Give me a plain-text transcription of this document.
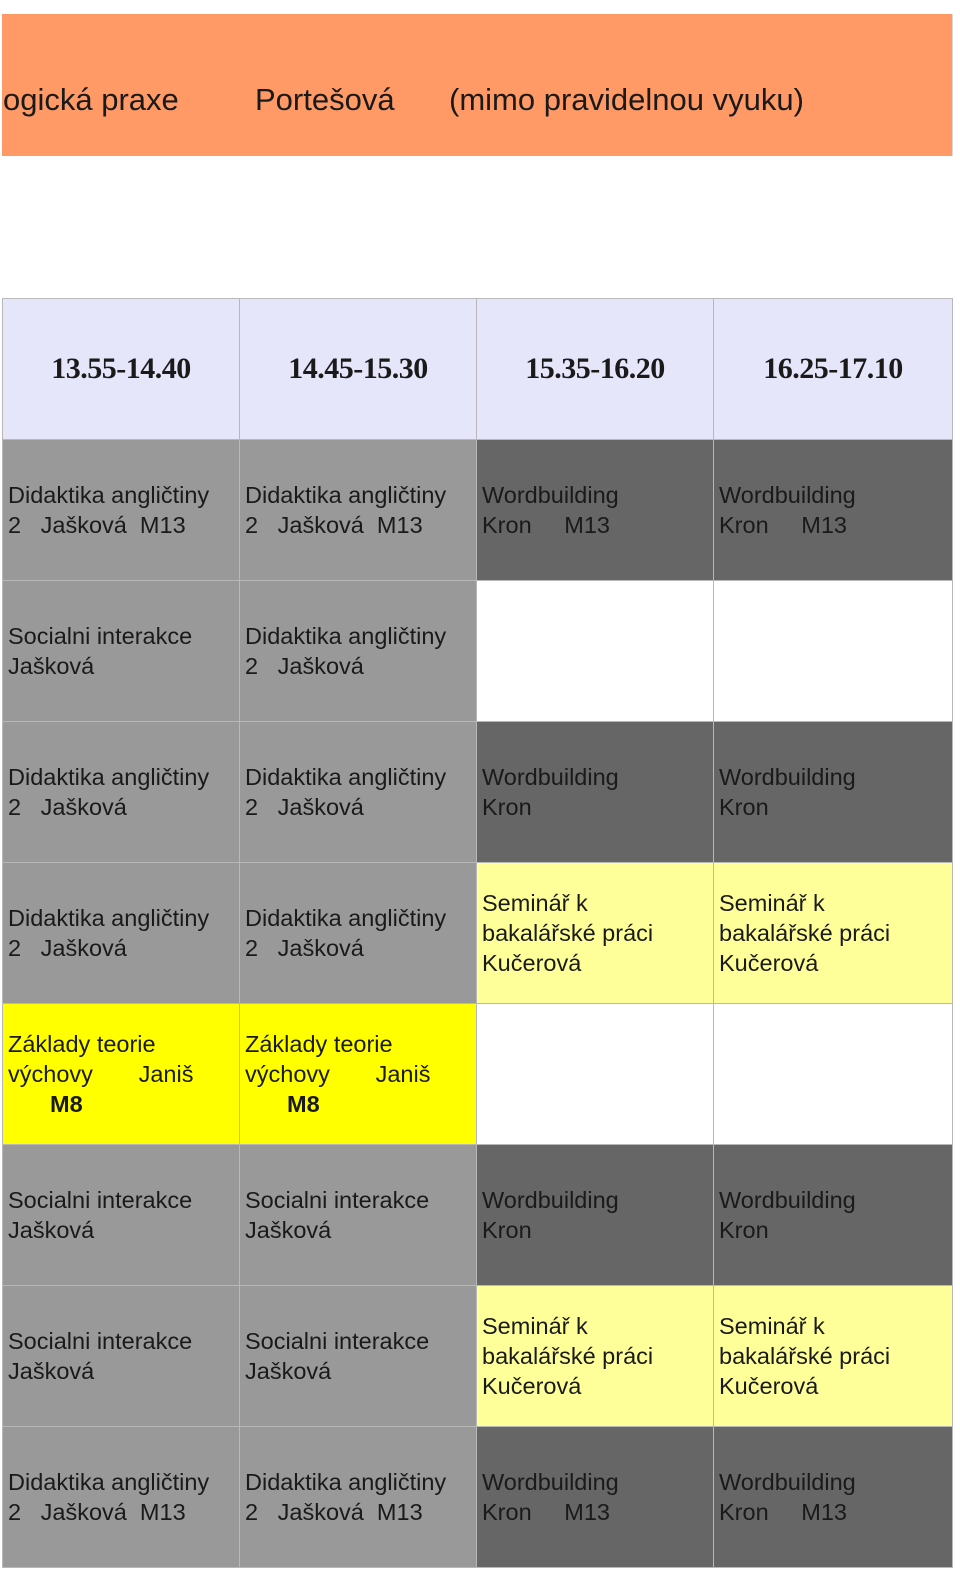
ogická praxe Portešová (mimo pravidelnou vyuku)
13.55-14.40	14.45-15.30	15.35-16.20	16.25-17.10
Didaktika angličtiny
2   Jašková  M13	Didaktika angličtiny
2   Jašková  M13	Wordbuilding
Kron     M13	Wordbuilding
Kron     M13
Socialni interakce
Jašková	Didaktika angličtiny
2   Jašková		
Didaktika angličtiny
2   Jašková	Didaktika angličtiny
2   Jašková	Wordbuilding
Kron	Wordbuilding
Kron
Didaktika angličtiny
2   Jašková	Didaktika angličtiny
2   Jašková	Seminář k
bakalářské práci
Kučerová	Seminář k
bakalářské práci
Kučerová
Základy teorie
výchovy       Janiš
M8	Základy teorie
výchovy       Janiš
M8		

Socialni interakce
Jašková	Socialni interakce
Jašková	Wordbuilding
Kron	Wordbuilding
Kron
Socialni interakce
Jašková	Socialni interakce
Jašková	Seminář k
bakalářské práci
Kučerová	Seminář k
bakalářské práci
Kučerová
Didaktika angličtiny
2   Jašková  M13	Didaktika angličtiny
2   Jašková  M13	Wordbuilding
Kron     M13	Wordbuilding
Kron     M13
